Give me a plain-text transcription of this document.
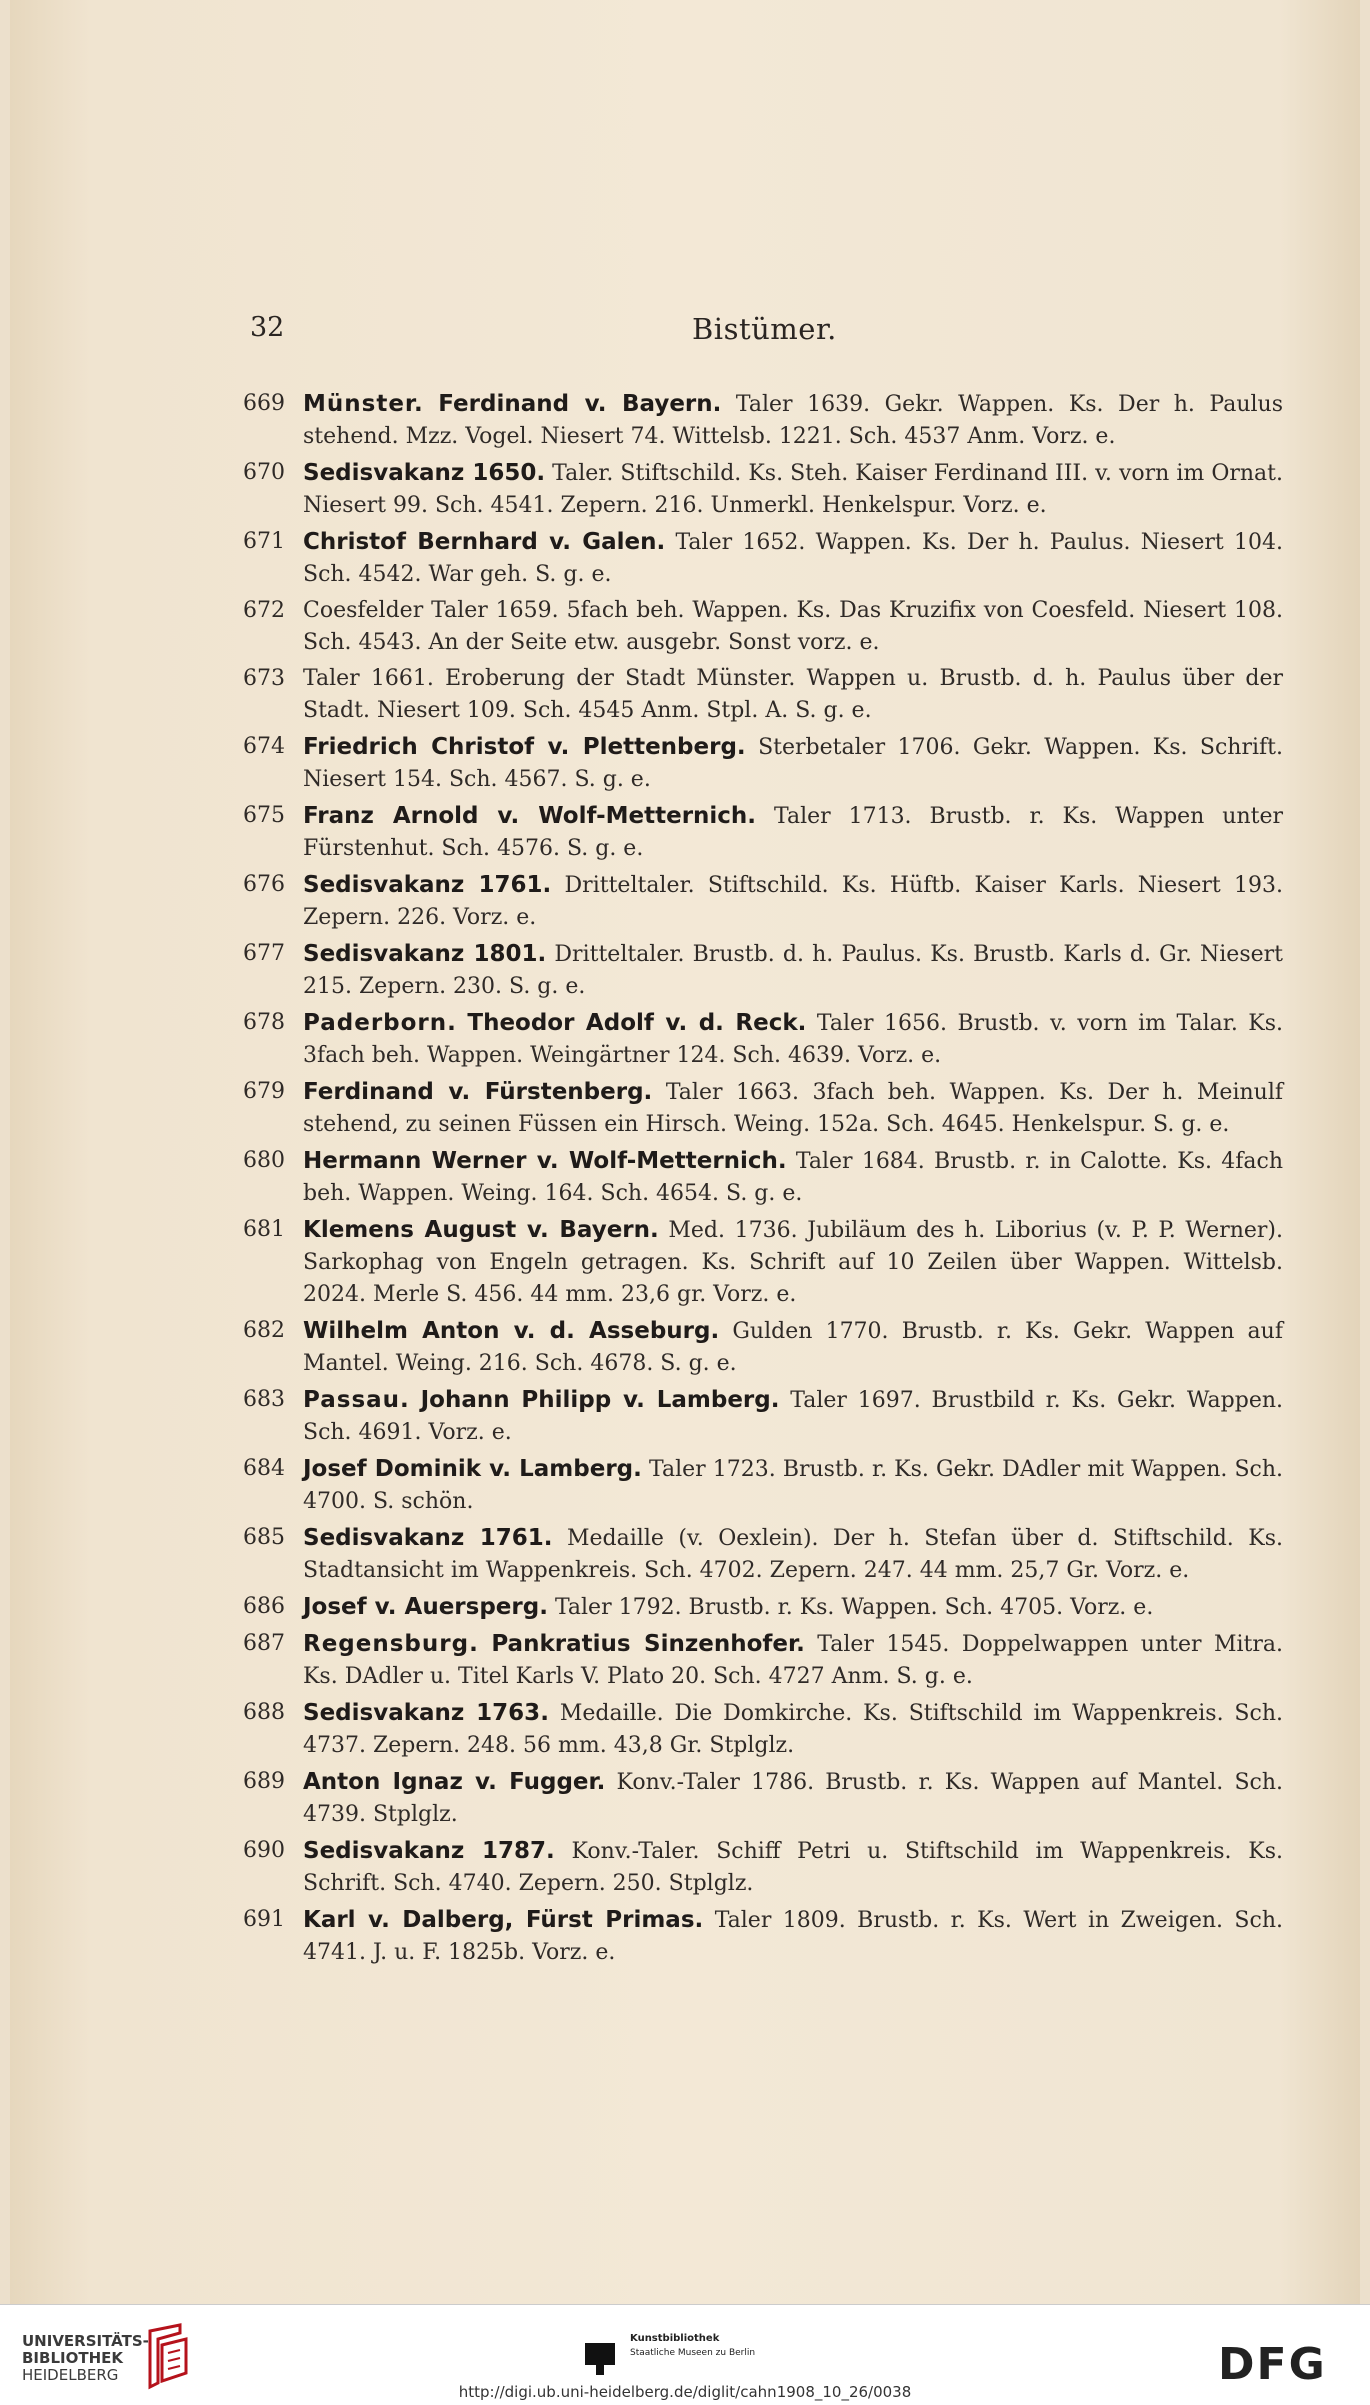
32	Bistümer.
669 Münster. Ferdinand v. Bayern. Taler 1639. Gekr. Wappen. Ks. Der h. Paulus stehend. Mzz. Vogel. Niesert 74. Wittelsb. 1221. Sch. 4537 Anm. Vorz. e.
670 Sedisvakanz 1650. Taler. Stiftschild. Ks. Steh. Kaiser Ferdinand III. v. vorn im Ornat. Niesert 99. Sch. 4541. Zepern. 216. Unmerkl. Henkelspur. Vorz. e.
671 Christof Bernhard v. Galen. Taler 1652. Wappen. Ks. Der h. Paulus. Niesert 104. Sch. 4542. War geh. S. g. e.
672 Coesfelder Taler 1659. 5fach beh. Wappen. Ks. Das Kruzifix von Coesfeld. Niesert 108. Sch. 4543. An der Seite etw. ausgebr. Sonst vorz. e.
673 Taler 1661. Eroberung der Stadt Münster. Wappen u. Brustb. d. h. Paulus über der Stadt. Niesert 109. Sch. 4545 Anm. Stpl. A. S. g. e.
674 Friedrich Christof v. Plettenberg. Sterbetaler 1706. Gekr. Wappen. Ks. Schrift. Niesert 154. Sch. 4567. S. g. e.
675 Franz Arnold v. Wolf-Metternich. Taler 1713. Brustb. r. Ks. Wappen unter Fürstenhut. Sch. 4576. S. g. e.
676 Sedisvakanz 1761. Dritteltaler. Stiftschild. Ks. Hüftb. Kaiser Karls. Niesert 193. Zepern. 226. Vorz. e.
677 Sedisvakanz 1801. Dritteltaler. Brustb. d. h. Paulus. Ks. Brustb. Karls d. Gr. Niesert 215. Zepern. 230. S. g. e.
678 Paderborn. Theodor Adolf v. d. Reck. Taler 1656. Brustb. v. vorn im Talar. Ks. 3fach beh. Wappen. Weingärtner 124. Sch. 4639. Vorz. e.
679 Ferdinand v. Fürstenberg. Taler 1663. 3fach beh. Wappen. Ks. Der h. Meinulf stehend, zu seinen Füssen ein Hirsch. Weing. 152a. Sch. 4645. Henkelspur. S. g. e.
680 Hermann Werner v. Wolf-Metternich. Taler 1684. Brustb. r. in Calotte. Ks. 4fach beh. Wappen. Weing. 164. Sch. 4654. S. g. e.
681 Klemens August v. Bayern. Med. 1736. Jubiläum des h. Liborius (v. P. P. Werner). Sarkophag von Engeln getragen. Ks. Schrift auf 10 Zeilen über Wappen. Wittelsb. 2024. Merle S. 456. 44 mm. 23,6 gr. Vorz. e.
682 Wilhelm Anton v. d. Asseburg. Gulden 1770. Brustb. r. Ks. Gekr. Wappen auf Mantel. Weing. 216. Sch. 4678. S. g. e.
683 Passau. Johann Philipp v. Lamberg. Taler 1697. Brustbild r. Ks. Gekr. Wappen. Sch. 4691. Vorz. e.
684 Josef Dominik v. Lamberg. Taler 1723. Brustb. r. Ks. Gekr. DAdler mit Wappen. Sch. 4700. S. schön.
685 Sedisvakanz 1761. Medaille (v. Oexlein). Der h. Stefan über d. Stiftschild. Ks. Stadtansicht im Wappenkreis. Sch. 4702. Zepern. 247. 44 mm. 25,7 Gr. Vorz. e.
686 Josef v. Auersperg. Taler 1792. Brustb. r. Ks. Wappen. Sch. 4705. Vorz. e.
687 Regensburg. Pankratius Sinzenhofer. Taler 1545. Doppelwappen unter Mitra. Ks. DAdler u. Titel Karls V. Plato 20. Sch. 4727 Anm. S. g. e.
688 Sedisvakanz 1763. Medaille. Die Domkirche. Ks. Stiftschild im Wappenkreis. Sch. 4737. Zepern. 248. 56 mm. 43,8 Gr. Stplglz.
689 Anton Ignaz v. Fugger. Konv.-Taler 1786. Brustb. r. Ks. Wappen auf Mantel. Sch. 4739. Stplglz.
690 Sedisvakanz 1787. Konv.-Taler. Schiff Petri u. Stiftschild im Wappenkreis. Ks. Schrift. Sch. 4740. Zepern. 250. Stplglz.
691 Karl v. Dalberg, Fürst Primas. Taler 1809. Brustb. r. Ks. Wert in Zweigen. Sch. 4741. J. u. F. 1825b. Vorz. e.
UNIVERSITÄTS-
BIBLIOTHEK
HEIDELBERG
Kunstbibliothek
Staatliche Museen zu Berlin	DFG
http://digi.ub.uni-heidelberg.de/diglit/cahn1908_10_26/0038
